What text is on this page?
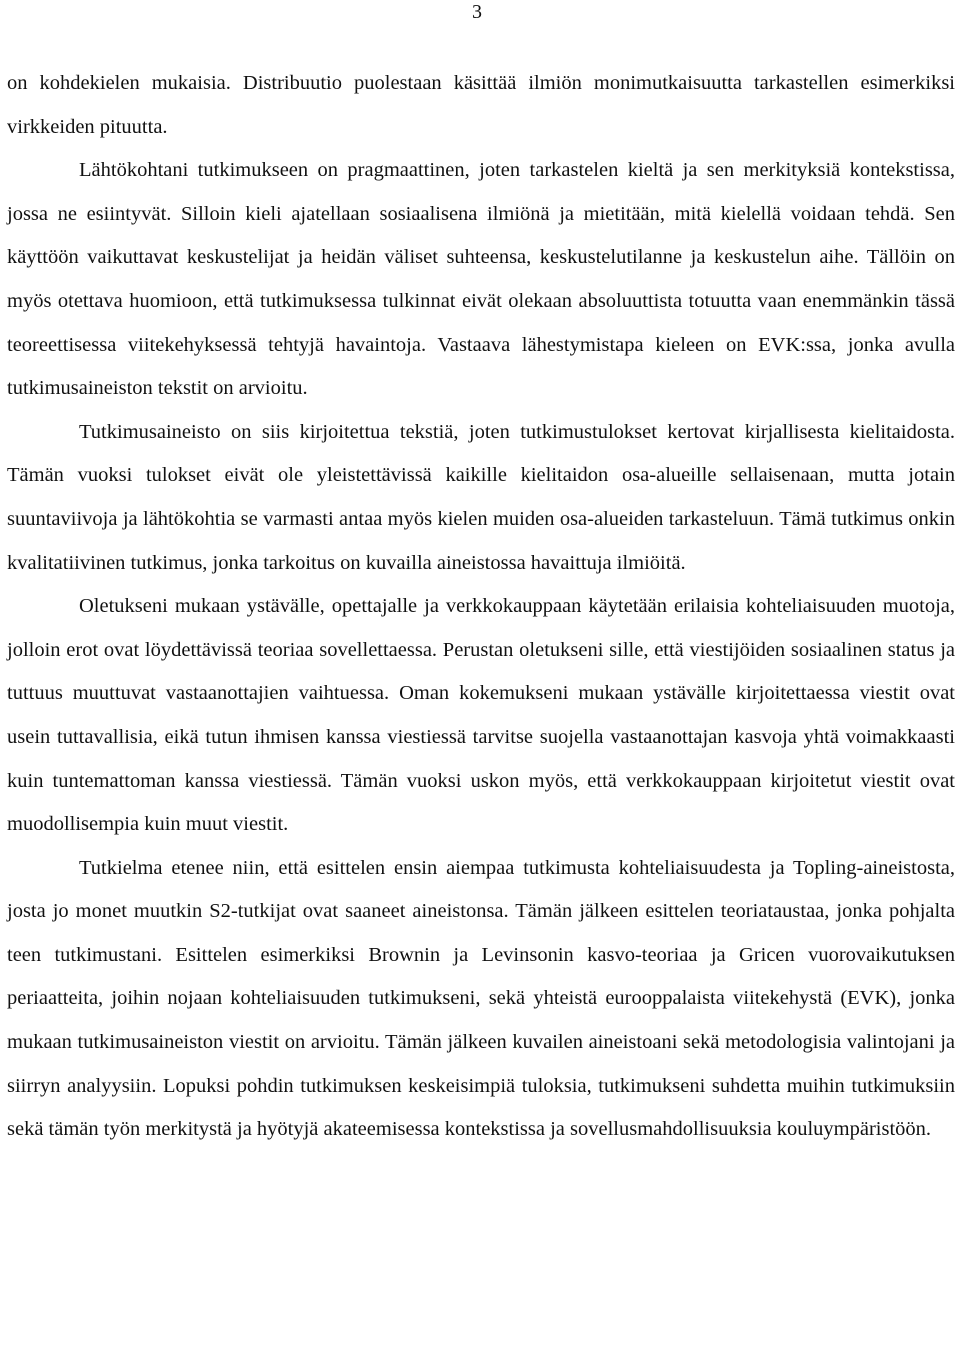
3

on kohdekielen mukaisia. Distribuutio puolestaan käsittää ilmiön monimutkaisuutta tarkastellen esimerkiksi virkkeiden pituutta.

Lähtökohtani tutkimukseen on pragmaattinen, joten tarkastelen kieltä ja sen merkityksiä kontekstissa, jossa ne esiintyvät. Silloin kieli ajatellaan sosiaalisena ilmiönä ja mietitään, mitä kielellä voidaan tehdä. Sen käyttöön vaikuttavat keskustelijat ja heidän väliset suhteensa, keskustelutilanne ja keskustelun aihe. Tällöin on myös otettava huomioon, että tutkimuksessa tulkinnat eivät olekaan absoluuttista totuutta vaan enemmänkin tässä teoreettisessa viitekehyksessä tehtyjä havaintoja. Vastaava lähestymistapa kieleen on EVK:ssa, jonka avulla tutkimusaineiston tekstit on arvioitu.

Tutkimusaineisto on siis kirjoitettua tekstiä, joten tutkimustulokset kertovat kirjallisesta kielitaidosta. Tämän vuoksi tulokset eivät ole yleistettävissä kaikille kielitaidon osa-alueille sellaisenaan, mutta jotain suuntaviivoja ja lähtökohtia se varmasti antaa myös kielen muiden osa-alueiden tarkasteluun. Tämä tutkimus onkin kvalitatiivinen tutkimus, jonka tarkoitus on kuvailla aineistossa havaittuja ilmiöitä.

Oletukseni mukaan ystävälle, opettajalle ja verkkokauppaan käytetään erilaisia kohteliaisuuden muotoja, jolloin erot ovat löydettävissä teoriaa sovellettaessa. Perustan oletukseni sille, että viestijöiden sosiaalinen status ja tuttuus muuttuvat vastaanottajien vaihtuessa. Oman kokemukseni mukaan ystävälle kirjoitettaessa viestit ovat usein tuttavallisia, eikä tutun ihmisen kanssa viestiessä tarvitse suojella vastaanottajan kasvoja yhtä voimakkaasti kuin tuntemattoman kanssa viestiessä. Tämän vuoksi uskon myös, että verkkokauppaan kirjoitetut viestit ovat muodollisempia kuin muut viestit.

Tutkielma etenee niin, että esittelen ensin aiempaa tutkimusta kohteliaisuudesta ja Topling-aineistosta, josta jo monet muutkin S2-tutkijat ovat saaneet aineistonsa. Tämän jälkeen esittelen teoriataustaa, jonka pohjalta teen tutkimustani. Esittelen esimerkiksi Brownin ja Levinsonin kasvo-teoriaa ja Gricen vuorovaikutuksen periaatteita, joihin nojaan kohteliaisuuden tutkimukseni, sekä yhteistä eurooppalaista viitekehystä (EVK), jonka mukaan tutkimusaineiston viestit on arvioitu. Tämän jälkeen kuvailen aineistoani sekä metodologisia valintojani ja siirryn analyysiin. Lopuksi pohdin tutkimuksen keskeisimpiä tuloksia, tutkimukseni suhdetta muihin tutkimuksiin sekä tämän työn merkitystä ja hyötyjä akateemisessa kontekstissa ja sovellusmahdollisuuksia kouluympäristöön.
